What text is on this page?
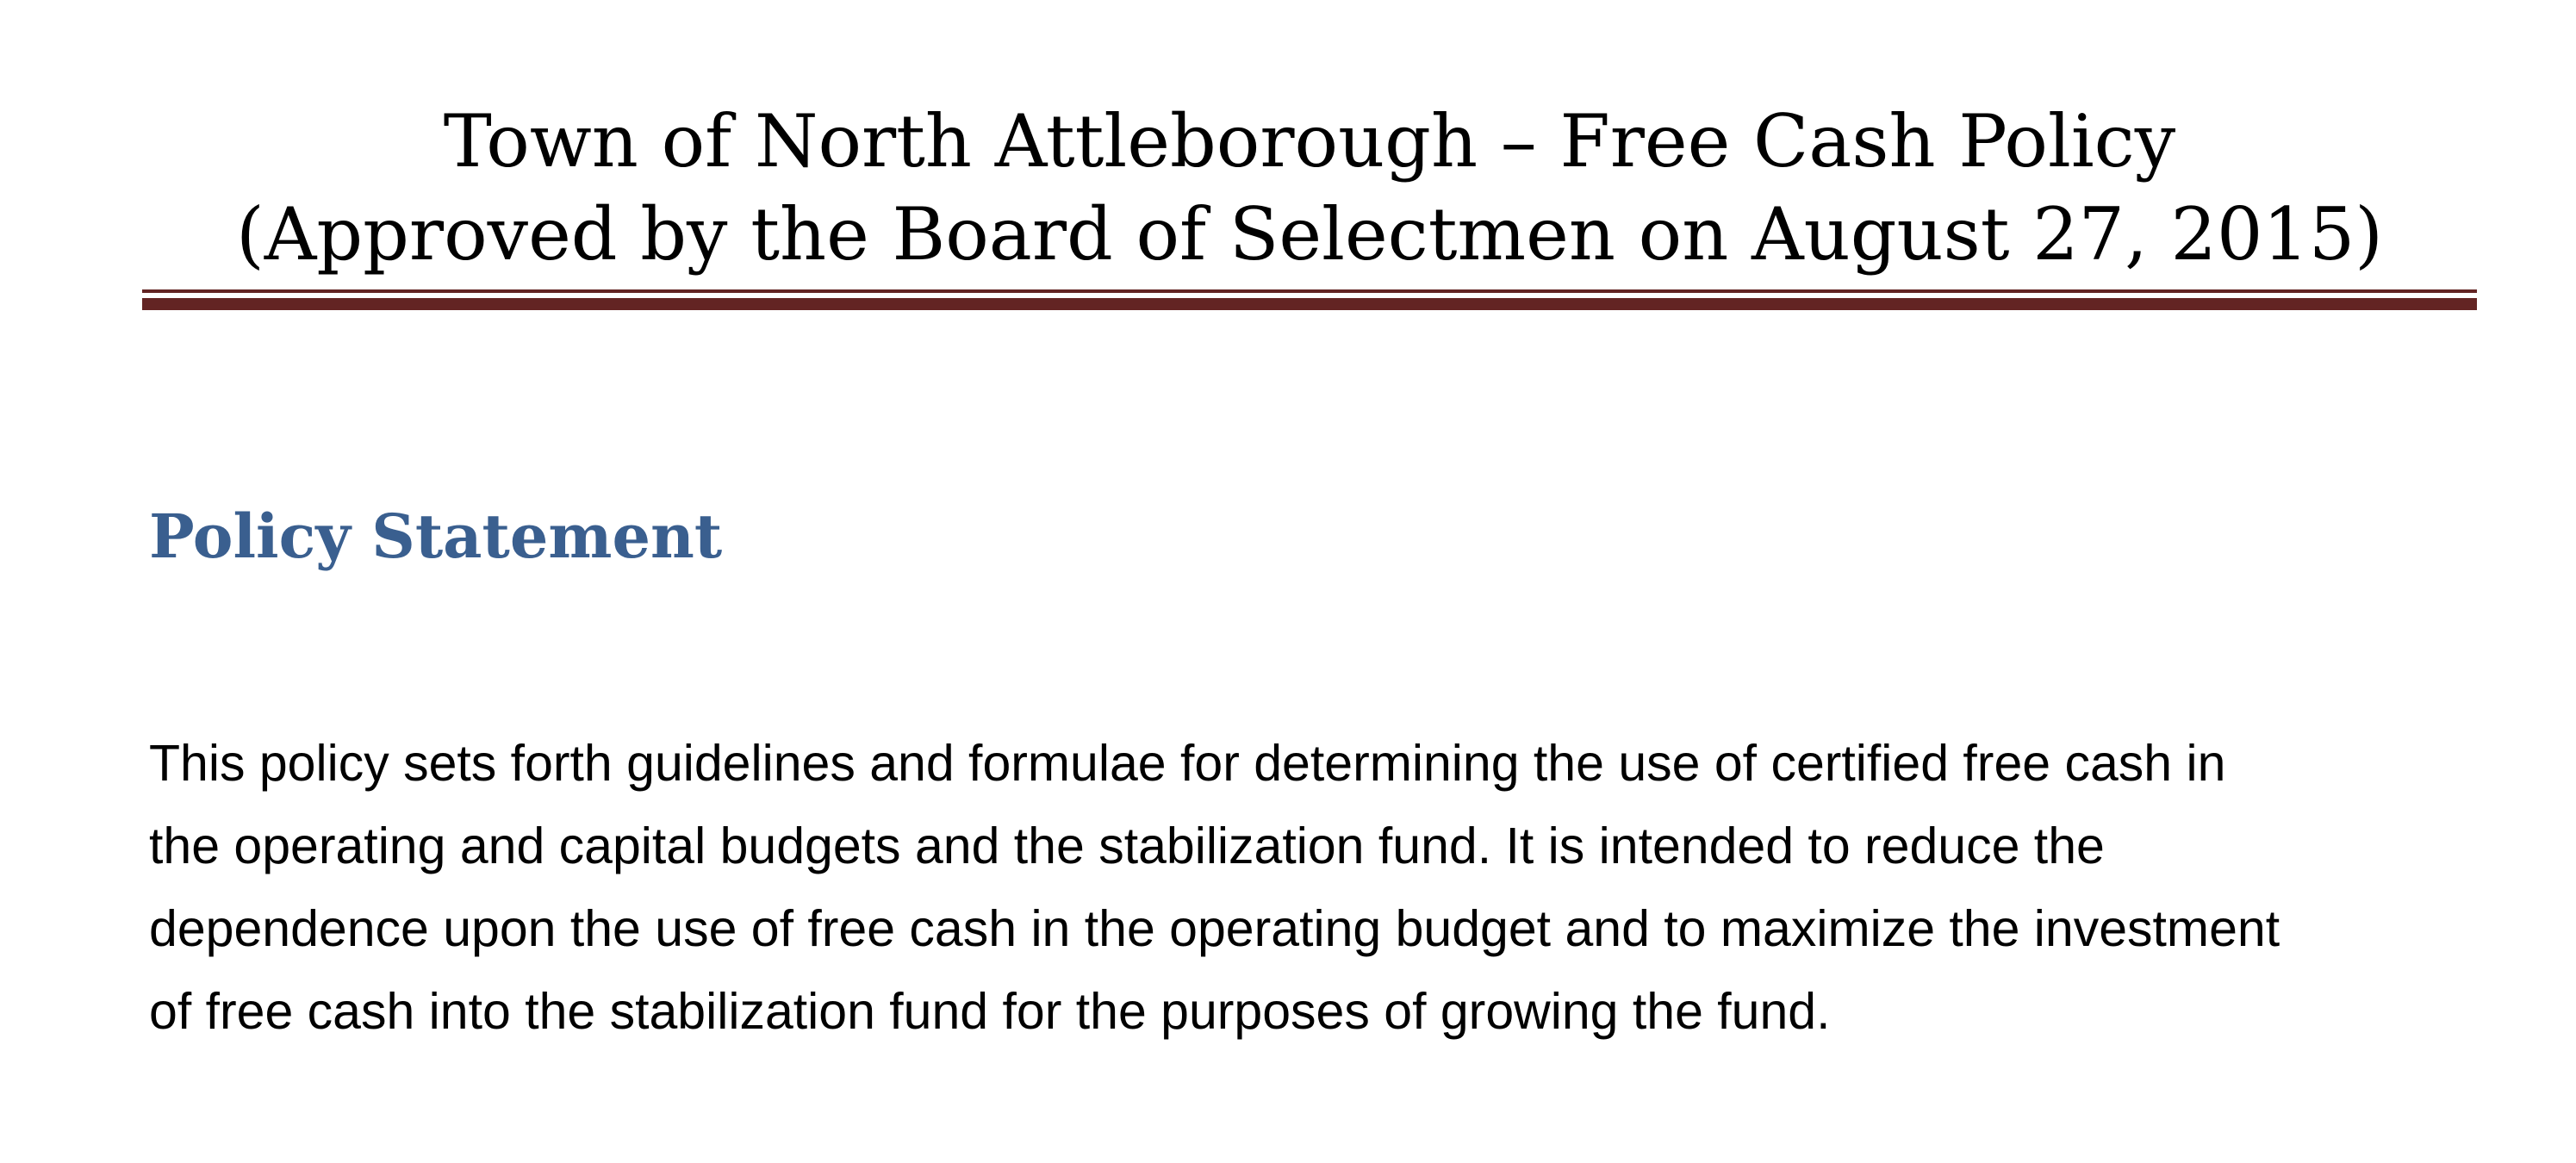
Town of North Attleborough – Free Cash Policy
(Approved by the Board of Selectmen on August 27, 2015)
Policy Statement

This policy sets forth guidelines and formulae for determining the use of certified free cash in
the operating and capital budgets and the stabilization fund. It is intended to reduce the
dependence upon the use of free cash in the operating budget and to maximize the investment
of free cash into the stabilization fund for the purposes of growing the fund.
